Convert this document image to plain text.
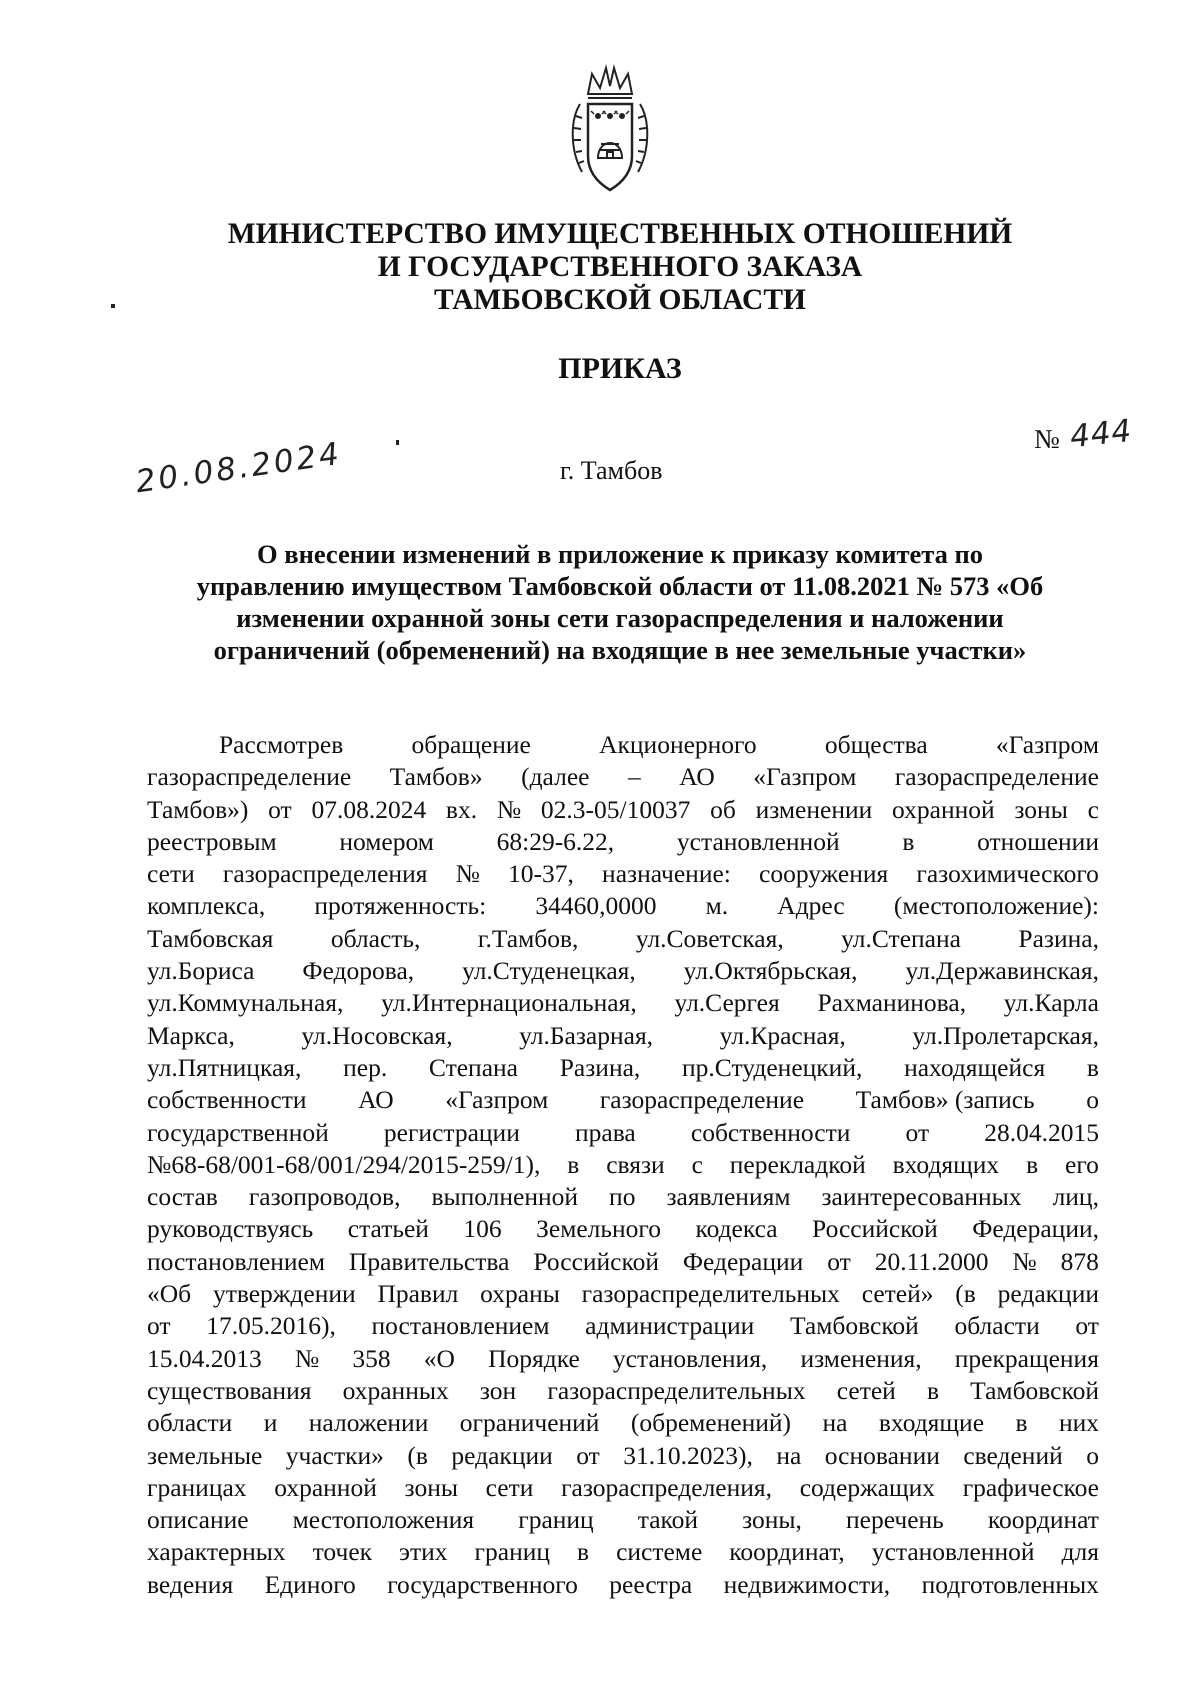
МИНИСТЕРСТВО ИМУЩЕСТВЕННЫХ ОТНОШЕНИЙ
И ГОСУДАРСТВЕННОГО ЗАКАЗА
ТАМБОВСКОЙ ОБЛАСТИ
ПРИКАЗ
20.08.2024	№ 444
г. Тамбов
О внесении изменений в приложение к приказу комитета по
управлению имуществом Тамбовской области от 11.08.2021 № 573 «Об
изменении охранной зоны сети газораспределения и наложении
ограничений (обременений) на входящие в нее земельные участки»
Рассмотрев	обращение	Акционерного	общества	«Газпром
газораспределение Тамбов» (далее – АО «Газпром газораспределение
Тамбов») от 07.08.2024 вх. № 02.3-05/10037 об изменении охранной зоны с
реестровым номером 68:29-6.22, установленной в отношении
сети газораспределения № 10-37, назначение: сооружения газохимического
комплекса, протяженность: 34460,0000 м. Адрес (местоположение):
Тамбовская область, г.Тамбов, ул.Советская, ул.Степана Разина,
ул.Бориса Федорова, ул.Студенецкая, ул.Октябрьская, ул.Державинская,
ул.Коммунальная, ул.Интернациональная, ул.Сергея Рахманинова, ул.Карла
Маркса,	ул.Носовская,	ул.Базарная,	ул.Красная,	ул.Пролетарская,
ул.Пятницкая, пер. Степана Разина, пр.Студенецкий, находящейся в
собственности АО «Газпром газораспределение Тамбов» (запись о
государственной регистрации права собственности от 28.04.2015
№68-68/001-68/001/294/2015-259/1), в связи с перекладкой входящих в его
состав газопроводов, выполненной по заявлениям заинтересованных лиц,
руководствуясь статьей 106 Земельного кодекса Российской Федерации,
постановлением Правительства Российской Федерации от 20.11.2000 № 878
«Об утверждении Правил охраны газораспределительных сетей» (в редакции
от 17.05.2016), постановлением администрации Тамбовской области от
15.04.2013 № 358 «О Порядке установления, изменения, прекращения
существования охранных зон газораспределительных сетей в Тамбовской
области и наложении ограничений (обременений) на входящие в них
земельные участки» (в редакции от 31.10.2023), на основании сведений о
границах охранной зоны сети газораспределения, содержащих графическое
описание местоположения границ такой зоны, перечень координат
характерных точек этих границ в системе координат, установленной для
ведения Единого государственного реестра недвижимости, подготовленных
